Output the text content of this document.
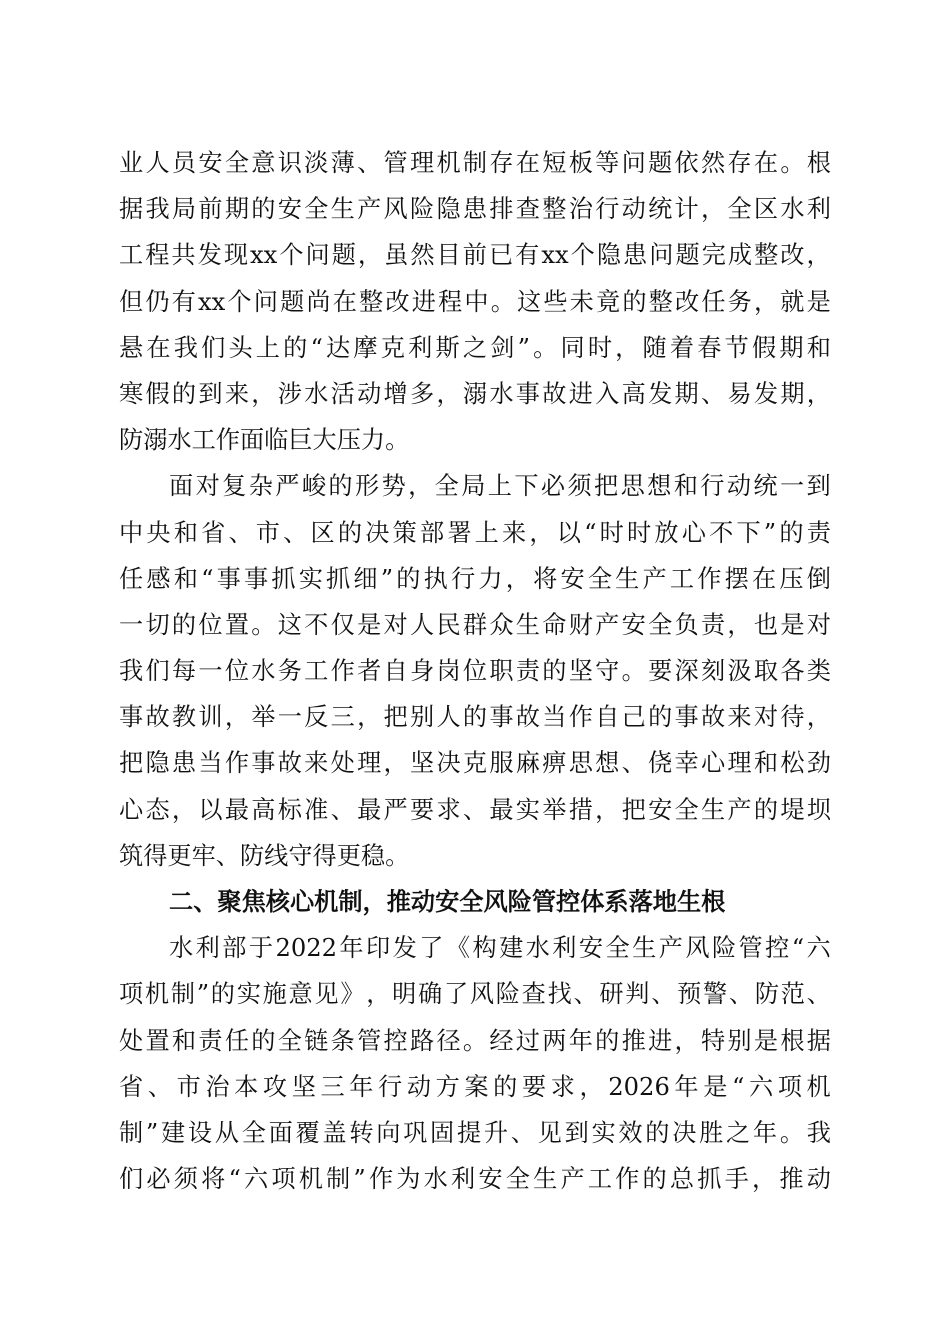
业 人 员 安 全 意 识 淡 薄 、 管 理 机 制 存 在 短 板 等 问 题 依 然 存 在 。 根
据 我 局 前 期 的 安 全 生 产 风 险 隐 患 排 查 整 治 行 动 统 计 ， 全 区 水 利
工 程 共 发 现 xx 个 问 题 ， 虽 然 目 前 已 有 xx 个 隐 患 问 题 完 成 整 改 ，
但 仍 有 xx 个 问 题 尚 在 整 改 进 程 中 。 这 些 未 竟 的 整 改 任 务 ， 就 是
悬 在 我 们 头 上 的 “ 达 摩 克 利 斯 之 剑 ” 。 同 时 ， 随 着 春 节 假 期 和
寒 假 的 到 来 ， 涉 水 活 动 增 多 ， 溺 水 事 故 进 入 高 发 期 、 易 发 期 ，
防溺水工作面临巨大压力。
面 对 复 杂 严 峻 的 形 势 ， 全 局 上 下 必 须 把 思 想 和 行 动 统 一 到
中 央 和 省 、 市 、 区 的 决 策 部 署 上 来 ， 以 “ 时 时 放 心 不 下 ” 的 责
任 感 和 “ 事 事 抓 实 抓 细 ” 的 执 行 力 ， 将 安 全 生 产 工 作 摆 在 压 倒
一 切 的 位 置 。 这 不 仅 是 对 人 民 群 众 生 命 财 产 安 全 负 责 ， 也 是 对
我 们 每 一 位 水 务 工 作 者 自 身 岗 位 职 责 的 坚 守 。 要 深 刻 汲 取 各 类
事 故 教 训 ， 举 一 反 三 ， 把 别 人 的 事 故 当 作 自 己 的 事 故 来 对 待 ，
把 隐 患 当 作 事 故 来 处 理 ， 坚 决 克 服 麻 痹 思 想 、 侥 幸 心 理 和 松 劲
心 态 ， 以 最 高 标 准 、 最 严 要 求 、 最 实 举 措 ， 把 安 全 生 产 的 堤 坝
筑得更牢、防线守得更稳。
二、聚焦核心机制，推动安全风险管控体系落地生根
水 利 部 于 2022 年 印 发 了 《 构 建 水 利 安 全 生 产 风 险 管 控 “ 六
项 机 制 ” 的 实 施 意 见 》 ， 明 确 了 风 险 查 找 、 研 判 、 预 警 、 防 范 、
处 置 和 责 任 的 全 链 条 管 控 路 径 。 经 过 两 年 的 推 进 ， 特 别 是 根 据
省 、 市 治 本 攻 坚 三 年 行 动 方 案 的 要 求 ， 2026 年 是 “ 六 项 机
制 ” 建 设 从 全 面 覆 盖 转 向 巩 固 提 升 、 见 到 实 效 的 决 胜 之 年 。 我
们 必 须 将 “ 六 项 机 制 ” 作 为 水 利 安 全 生 产 工 作 的 总 抓 手 ， 推 动
